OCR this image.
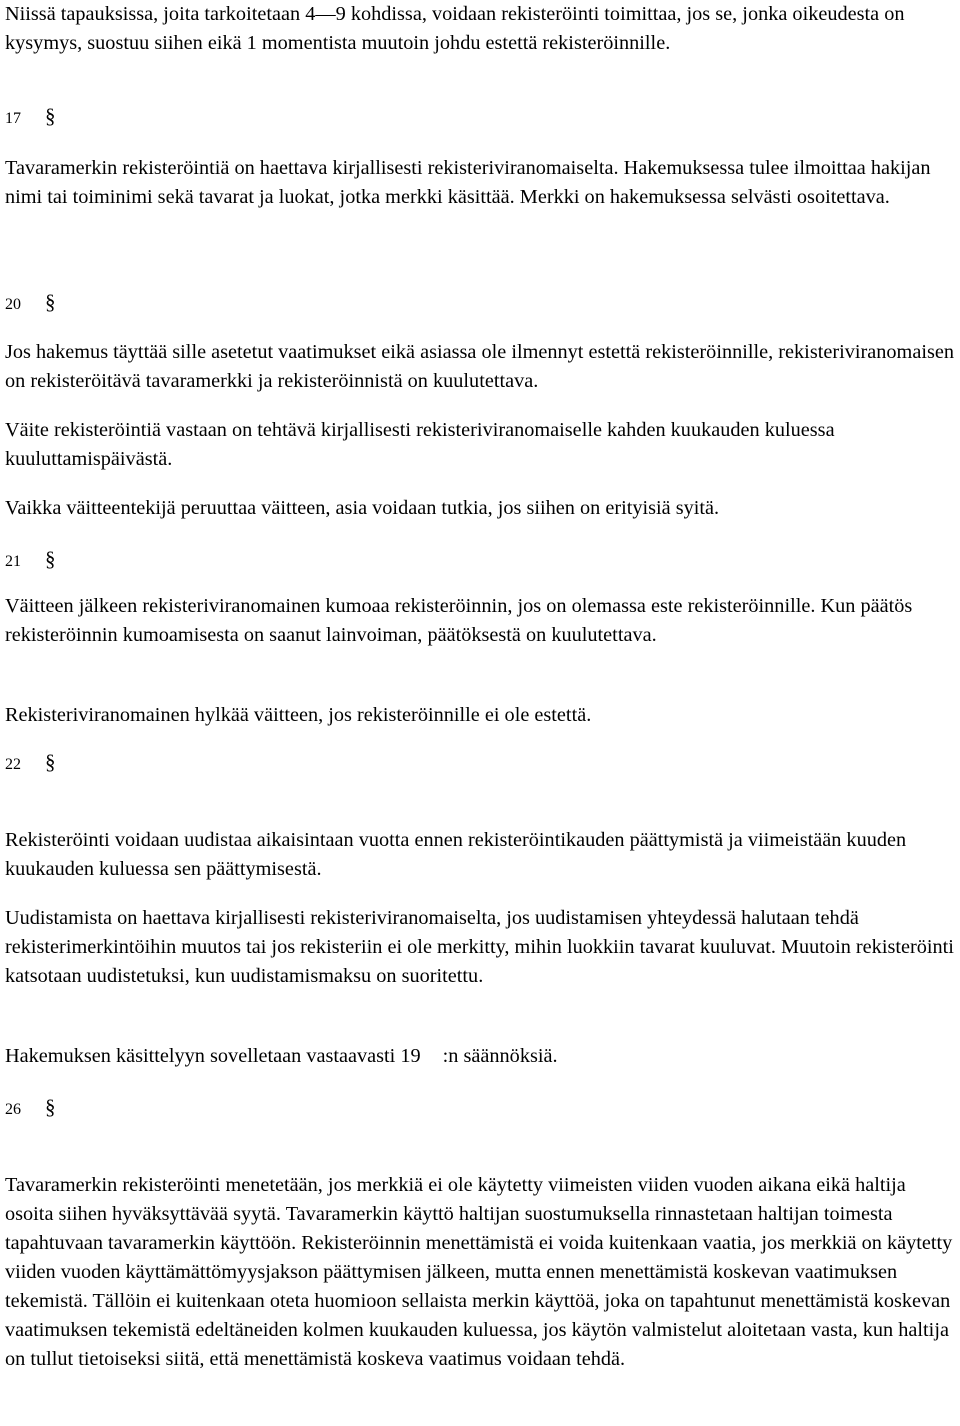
Niissä tapauksissa, joita tarkoitetaan 4—9 kohdissa, voidaan rekisteröinti toimittaa, jos se, jonka oikeudesta on kysymys, suostuu siihen eikä 1 momentista muutoin johdu estettä rekisteröinnille.

17 §

Tavaramerkin rekisteröintiä on haettava kirjallisesti rekisteriviranomaiselta. Hakemuksessa tulee ilmoittaa hakijan nimi tai toiminimi sekä tavarat ja luokat, jotka merkki käsittää. Merkki on hakemuksessa selvästi osoitettava.

20 §

Jos hakemus täyttää sille asetetut vaatimukset eikä asiassa ole ilmennyt estettä rekisteröinnille, rekisteriviranomaisen on rekisteröitävä tavaramerkki ja rekisteröinnistä on kuulutettava.

Väite rekisteröintiä vastaan on tehtävä kirjallisesti rekisteriviranomaiselle kahden kuukauden kuluessa kuuluttamispäivästä.

Vaikka väitteentekijä peruuttaa väitteen, asia voidaan tutkia, jos siihen on erityisiä syitä.

21 §

Väitteen jälkeen rekisteriviranomainen kumoaa rekisteröinnin, jos on olemassa este rekisteröinnille. Kun päätös rekisteröinnin kumoamisesta on saanut lainvoiman, päätöksestä on kuulutettava.

Rekisteriviranomainen hylkää väitteen, jos rekisteröinnille ei ole estettä.

22 §

Rekisteröinti voidaan uudistaa aikaisintaan vuotta ennen rekisteröintikauden päättymistä ja viimeistään kuuden kuukauden kuluessa sen päättymisestä.

Uudistamista on haettava kirjallisesti rekisteriviranomaiselta, jos uudistamisen yhteydessä halutaan tehdä rekisterimerkintöihin muutos tai jos rekisteriin ei ole merkitty, mihin luokkiin tavarat kuuluvat. Muutoin rekisteröinti katsotaan uudistetuksi, kun uudistamismaksu on suoritettu.

Hakemuksen käsittelyyn sovelletaan vastaavasti 19 :n säännöksiä.

26 §

Tavaramerkin rekisteröinti menetetään, jos merkkiä ei ole käytetty viimeisten viiden vuoden aikana eikä haltija osoita siihen hyväksyttävää syytä. Tavaramerkin käyttö haltijan suostumuksella rinnastetaan haltijan toimesta tapahtuvaan tavaramerkin käyttöön. Rekisteröinnin menettämistä ei voida kuitenkaan vaatia, jos merkkiä on käytetty viiden vuoden käyttämättömyysjakson päättymisen jälkeen, mutta ennen menettämistä koskevan vaatimuksen tekemistä. Tällöin ei kuitenkaan oteta huomioon sellaista merkin käyttöä, joka on tapahtunut menettämistä koskevan vaatimuksen tekemistä edeltäneiden kolmen kuukauden kuluessa, jos käytön valmistelut aloitetaan vasta, kun haltija on tullut tietoiseksi siitä, että menettämistä koskeva vaatimus voidaan tehdä.
